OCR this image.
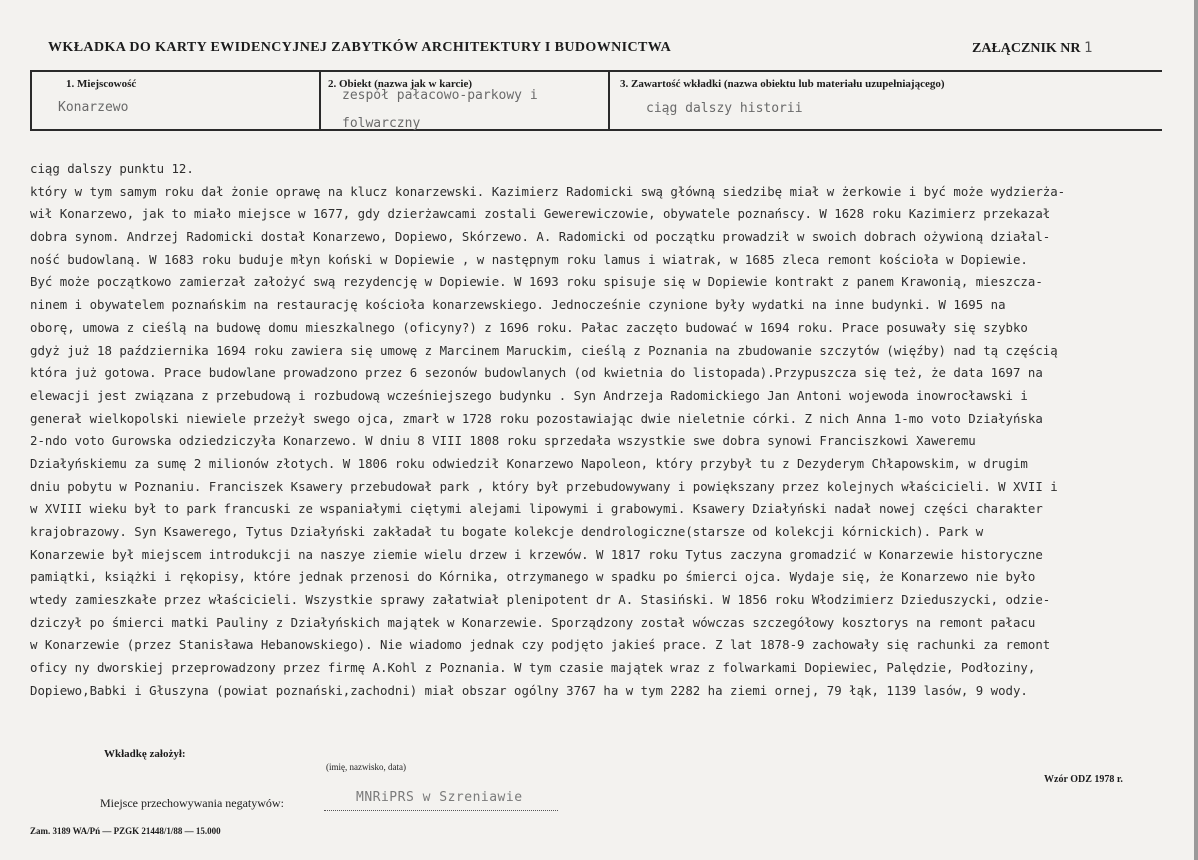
WKŁADKA DO KARTY EWIDENCYJNEJ ZABYTKÓW ARCHITEKTURY I BUDOWNICTWA	ZAŁĄCZNIK NR 1
1. Miejscowość
Konarzewo
2. Obiekt (nazwa jak w karcie)
zespół pałacowo-parkowy i
folwarczny
3. Zawartość wkładki (nazwa obiektu lub materiału uzupełniającego)
ciąg dalszy historii
ciąg dalszy punktu 12.
który w tym samym roku dał żonie oprawę na klucz konarzewski. Kazimierz Radomicki swą główną siedzibę miał w żerkowie i być może wydzierża-
wił Konarzewo, jak to miało miejsce w 1677, gdy dzierżawcami zostali Gewerewiczowie, obywatele poznańscy. W 1628 roku Kazimierz przekazał
dobra synom. Andrzej Radomicki dostał Konarzewo, Dopiewo, Skórzewo. A. Radomicki od początku prowadził w swoich dobrach ożywioną działal-
ność budowlaną. W 1683 roku buduje młyn koński w Dopiewie , w następnym roku lamus i wiatrak, w 1685 zleca remont kościoła w Dopiewie.
Być może początkowo zamierzał założyć swą rezydencję w Dopiewie. W 1693 roku spisuje się w Dopiewie kontrakt z panem Krawonią, mieszcza-
ninem i obywatelem poznańskim na restaurację kościoła konarzewskiego. Jednocześnie czynione były wydatki na inne budynki. W 1695 na
oborę, umowa z cieślą na budowę domu mieszkalnego (oficyny?) z 1696 roku. Pałac zaczęto budować w 1694 roku. Prace posuwały się szybko
gdyż już 18 października 1694 roku zawiera się umowę z Marcinem Maruckim, cieślą z Poznania na zbudowanie szczytów (więźby) nad tą częścią
która już gotowa. Prace budowlane prowadzono przez 6 sezonów budowlanych (od kwietnia do listopada).Przypuszcza się też, że data 1697 na
elewacji jest związana z przebudową i rozbudową wcześniejszego budynku . Syn Andrzeja Radomickiego Jan Antoni wojewoda inowrocławski i
generał wielkopolski niewiele przeżył swego ojca, zmarł w 1728 roku pozostawiając dwie nieletnie córki. Z nich Anna 1-mo voto Działyńska
2-ndo voto Gurowska odziedziczyła Konarzewo. W dniu 8 VIII 1808 roku sprzedała wszystkie swe dobra synowi Franciszkowi Xaweremu
Działyńskiemu za sumę 2 milionów złotych. W 1806 roku odwiedził Konarzewo Napoleon, który przybył tu z Dezyderym Chłapowskim, w drugim
dniu pobytu w Poznaniu. Franciszek Ksawery przebudował park , który był przebudowywany i powiększany przez kolejnych właścicieli. W XVII i
w XVIII wieku był to park francuski ze wspaniałymi ciętymi alejami lipowymi i grabowymi. Ksawery Działyński nadał nowej części charakter
krajobrazowy. Syn Ksawerego, Tytus Działyński zakładał tu bogate kolekcje dendrologiczne(starsze od kolekcji kórnickich). Park w
Konarzewie był miejscem introdukcji na naszye ziemie wielu drzew i krzewów. W 1817 roku Tytus zaczyna gromadzić w Konarzewie historyczne
pamiątki, książki i rękopisy, które jednak przenosi do Kórnika, otrzymanego w spadku po śmierci ojca. Wydaje się, że Konarzewo nie było
wtedy zamieszkałe przez właścicieli. Wszystkie sprawy załatwiał plenipotent dr A. Stasiński. W 1856 roku Włodzimierz Dzieduszycki, odzie-
dziczył po śmierci matki Pauliny z Działyńskich majątek w Konarzewie. Sporządzony został wówczas szczegółowy kosztorys na remont pałacu
w Konarzewie (przez Stanisława Hebanowskiego). Nie wiadomo jednak czy podjęto jakieś prace. Z lat 1878-9 zachowały się rachunki za remont
oficy ny dworskiej przeprowadzony przez firmę A.Kohl z Poznania. W tym czasie majątek wraz z folwarkami Dopiewiec, Palędzie, Podłoziny,
Dopiewo,Babki i Głuszyna (powiat poznański,zachodni) miał obszar ogólny 3767 ha w tym 2282 ha ziemi ornej, 79 łąk, 1139 lasów, 9 wody.
Wkładkę założył:
(imię, nazwisko, data)
Wzór ODZ 1978 r.
Miejsce przechowywania negatywów:	MNRiPRS w Szreniawie
Zam. 3189 WA/Pń — PZGK 21448/1/88 — 15.000
